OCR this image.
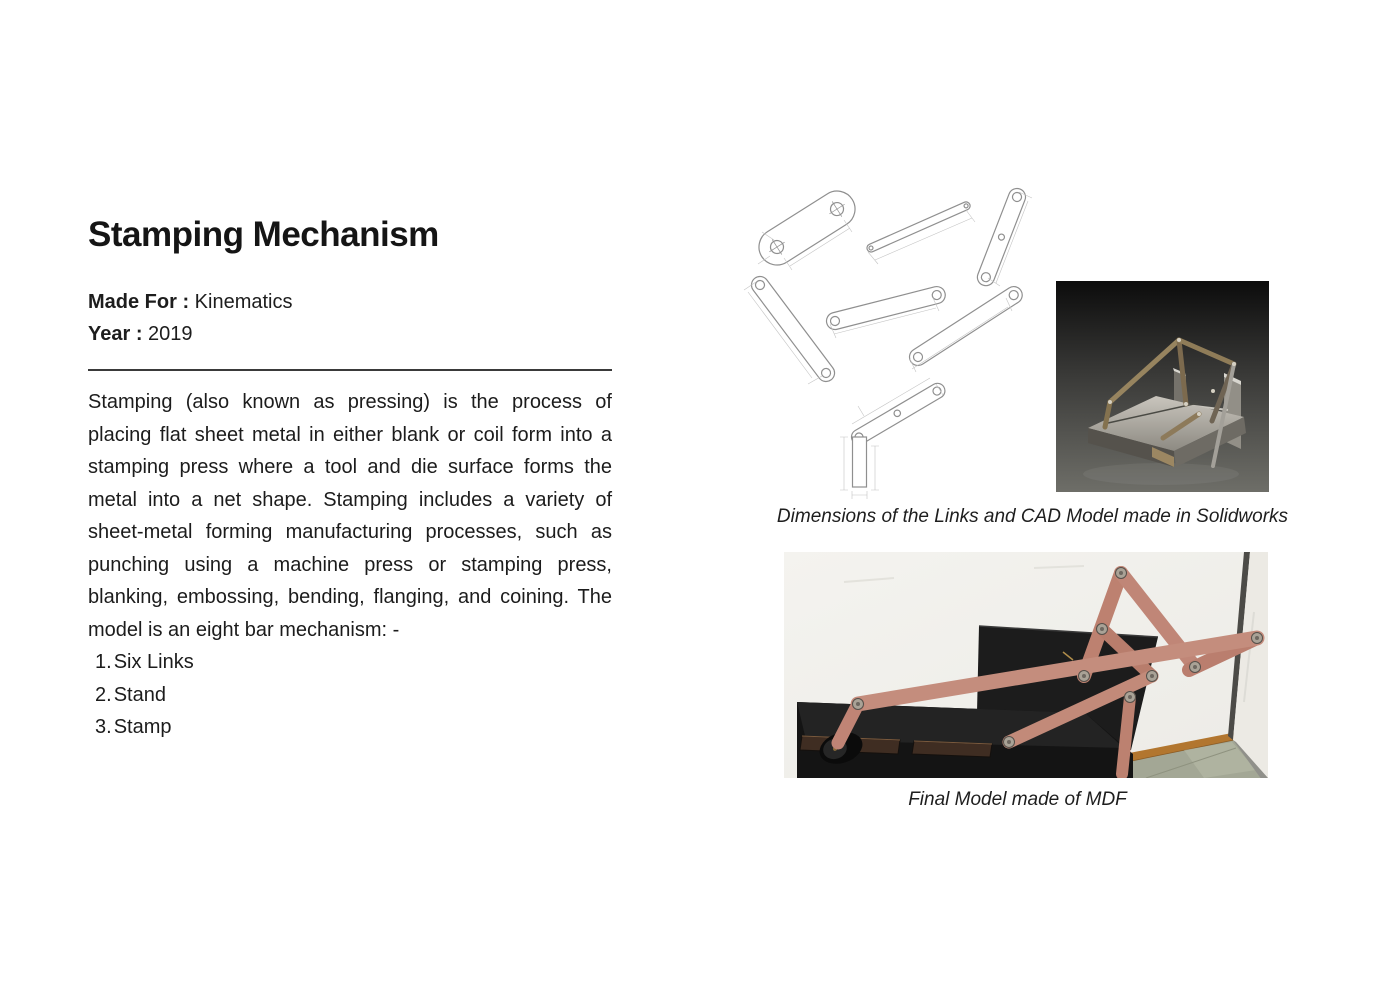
Stamping Mechanism
Made For : Kinematics
Year : 2019

Stamping (also known as pressing) is the process of placing flat sheet metal in either blank or coil form into a stamping press where a tool and die surface forms the metal into a net shape. Stamping includes a variety of sheet-metal forming manufacturing processes, such as punching using a machine press or stamping press, blanking, embossing, bending, flanging, and coining. The model is an eight bar mechanism: -

1. Six Links
2. Stand
3. Stamp
Dimensions of the Links and CAD Model made in Solidworks
Final Model made of MDF
